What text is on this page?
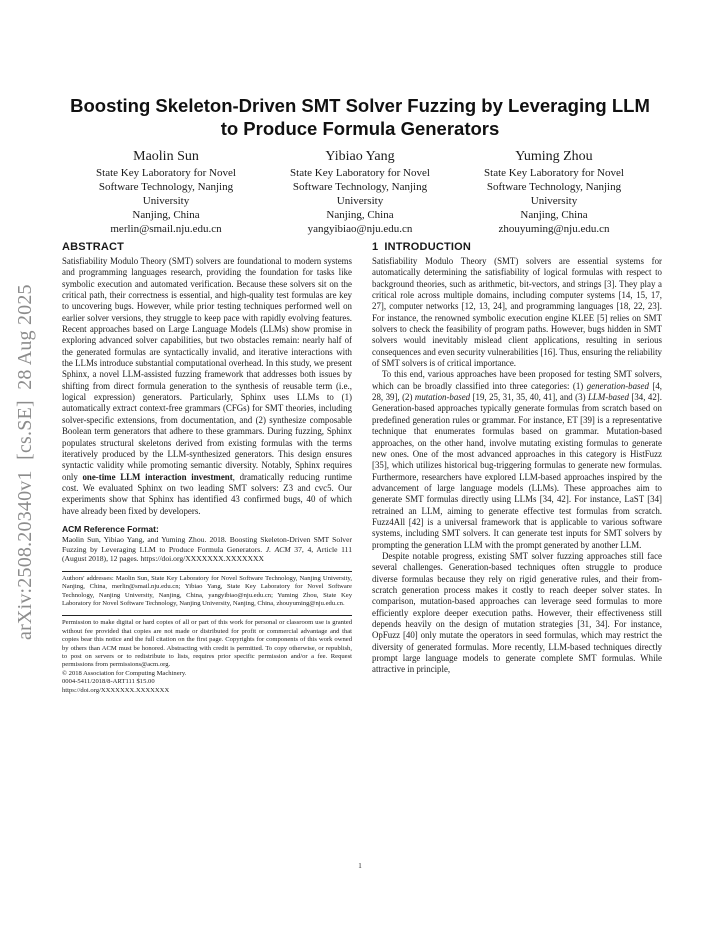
arXiv:2508.20340v1  [cs.SE]  28 Aug 2025
Boosting Skeleton-Driven SMT Solver Fuzzing by Leveraging LLM to Produce Formula Generators
Maolin Sun
State Key Laboratory for Novel
Software Technology, Nanjing
University
Nanjing, China
merlin@smail.nju.edu.cn
Yibiao Yang
State Key Laboratory for Novel
Software Technology, Nanjing
University
Nanjing, China
yangyibiao@nju.edu.cn
Yuming Zhou
State Key Laboratory for Novel
Software Technology, Nanjing
University
Nanjing, China
zhouyuming@nju.edu.cn
ABSTRACT

Satisfiability Modulo Theory (SMT) solvers are foundational to modern systems and programming languages research, providing the foundation for tasks like symbolic execution and automated verification. Because these solvers sit on the critical path, their correctness is essential, and high-quality test formulas are key to uncovering bugs. However, while prior testing techniques performed well on earlier solver versions, they struggle to keep pace with rapidly evolving features. Recent approaches based on Large Language Models (LLMs) show promise in exploring advanced solver capabilities, but two obstacles remain: nearly half of the generated formulas are syntactically invalid, and iterative interactions with the LLMs introduce substantial computational overhead. In this study, we present Sphinx, a novel LLM-assisted fuzzing framework that addresses both issues by shifting from direct formula generation to the synthesis of reusable term (i.e., logical expression) generators. Particularly, Sphinx uses LLMs to (1) automatically extract context-free grammars (CFGs) for SMT theories, including solver-specific extensions, from documentation, and (2) synthesize composable Boolean term generators that adhere to these grammars. During fuzzing, Sphinx populates structural skeletons derived from existing formulas with the terms iteratively produced by the LLM-synthesized generators. This design ensures syntactic validity while promoting semantic diversity. Notably, Sphinx requires only one-time LLM interaction investment, dramatically reducing runtime cost. We evaluated Sphinx on two leading SMT solvers: Z3 and cvc5. Our experiments show that Sphinx has identified 43 confirmed bugs, 40 of which have already been fixed by developers.

ACM Reference Format:

Maolin Sun, Yibiao Yang, and Yuming Zhou. 2018. Boosting Skeleton-Driven SMT Solver Fuzzing by Leveraging LLM to Produce Formula Generators. J. ACM 37, 4, Article 111 (August 2018), 12 pages. https://doi.org/XXXXXXX.XXXXXXX

Authors' addresses: Maolin Sun, State Key Laboratory for Novel Software Technology, Nanjing University, Nanjing, China, merlin@smail.nju.edu.cn; Yibiao Yang, State Key Laboratory for Novel Software Technology, Nanjing University, Nanjing, China, yangyibiao@nju.edu.cn; Yuming Zhou, State Key Laboratory for Novel Software Technology, Nanjing University, Nanjing, China, zhouyuming@nju.edu.cn.

Permission to make digital or hard copies of all or part of this work for personal or classroom use is granted without fee provided that copies are not made or distributed for profit or commercial advantage and that copies bear this notice and the full citation on the first page. Copyrights for components of this work owned by others than ACM must be honored. Abstracting with credit is permitted. To copy otherwise, or republish, to post on servers or to redistribute to lists, requires prior specific permission and/or a fee. Request permissions from permissions@acm.org.

© 2018 Association for Computing Machinery.

0004-5411/2018/8-ART111 $15.00

https://doi.org/XXXXXXX.XXXXXXX

1 INTRODUCTION

Satisfiability Modulo Theory (SMT) solvers are essential systems for automatically determining the satisfiability of logical formulas with respect to background theories, such as arithmetic, bit-vectors, and strings [3]. They play a critical role across multiple domains, including computer systems [14, 15, 17, 27], computer networks [12, 13, 24], and programming languages [18, 22, 23]. For instance, the renowned symbolic execution engine KLEE [5] relies on SMT solvers to check the feasibility of program paths. However, bugs hidden in SMT solvers would inevitably mislead client applications, resulting in serious consequences and even security vulnerabilities [16]. Thus, ensuring the reliability of SMT solvers is of critical importance.

To this end, various approaches have been proposed for testing SMT solvers, which can be broadly classified into three categories: (1) generation-based [4, 28, 39], (2) mutation-based [19, 25, 31, 35, 40, 41], and (3) LLM-based [34, 42]. Generation-based approaches typically generate formulas from scratch based on predefined generation rules or grammar. For instance, ET [39] is a representative technique that enumerates formulas based on grammar. Mutation-based approaches, on the other hand, involve mutating existing formulas to generate new ones. One of the most advanced approaches in this category is HistFuzz [35], which utilizes historical bug-triggering formulas to generate new formulas. Furthermore, researchers have explored LLM-based approaches inspired by the advancement of large language models (LLMs). These approaches aim to generate SMT formulas directly using LLMs [34, 42]. For instance, LaST [34] retrained an LLM, aiming to generate effective test formulas from scratch. Fuzz4All [42] is a universal framework that is applicable to various software systems, including SMT solvers. It can generate test inputs for SMT solvers by prompting the generation LLM with the prompt generated by another LLM.

Despite notable progress, existing SMT solver fuzzing approaches still face several challenges. Generation-based techniques often struggle to produce diverse formulas because they rely on rigid generative rules, and their from-scratch generation process makes it costly to reach deeper solver states. In comparison, mutation-based approaches can leverage seed formulas to more efficiently explore deeper execution paths. However, their effectiveness still depends heavily on the design of mutation strategies [31, 34]. For instance, OpFuzz [40] only mutate the operators in seed formulas, which may restrict the diversity of generated formulas. More recently, LLM-based techniques directly prompt large language models to generate complete SMT formulas. While attractive in principle,

1
